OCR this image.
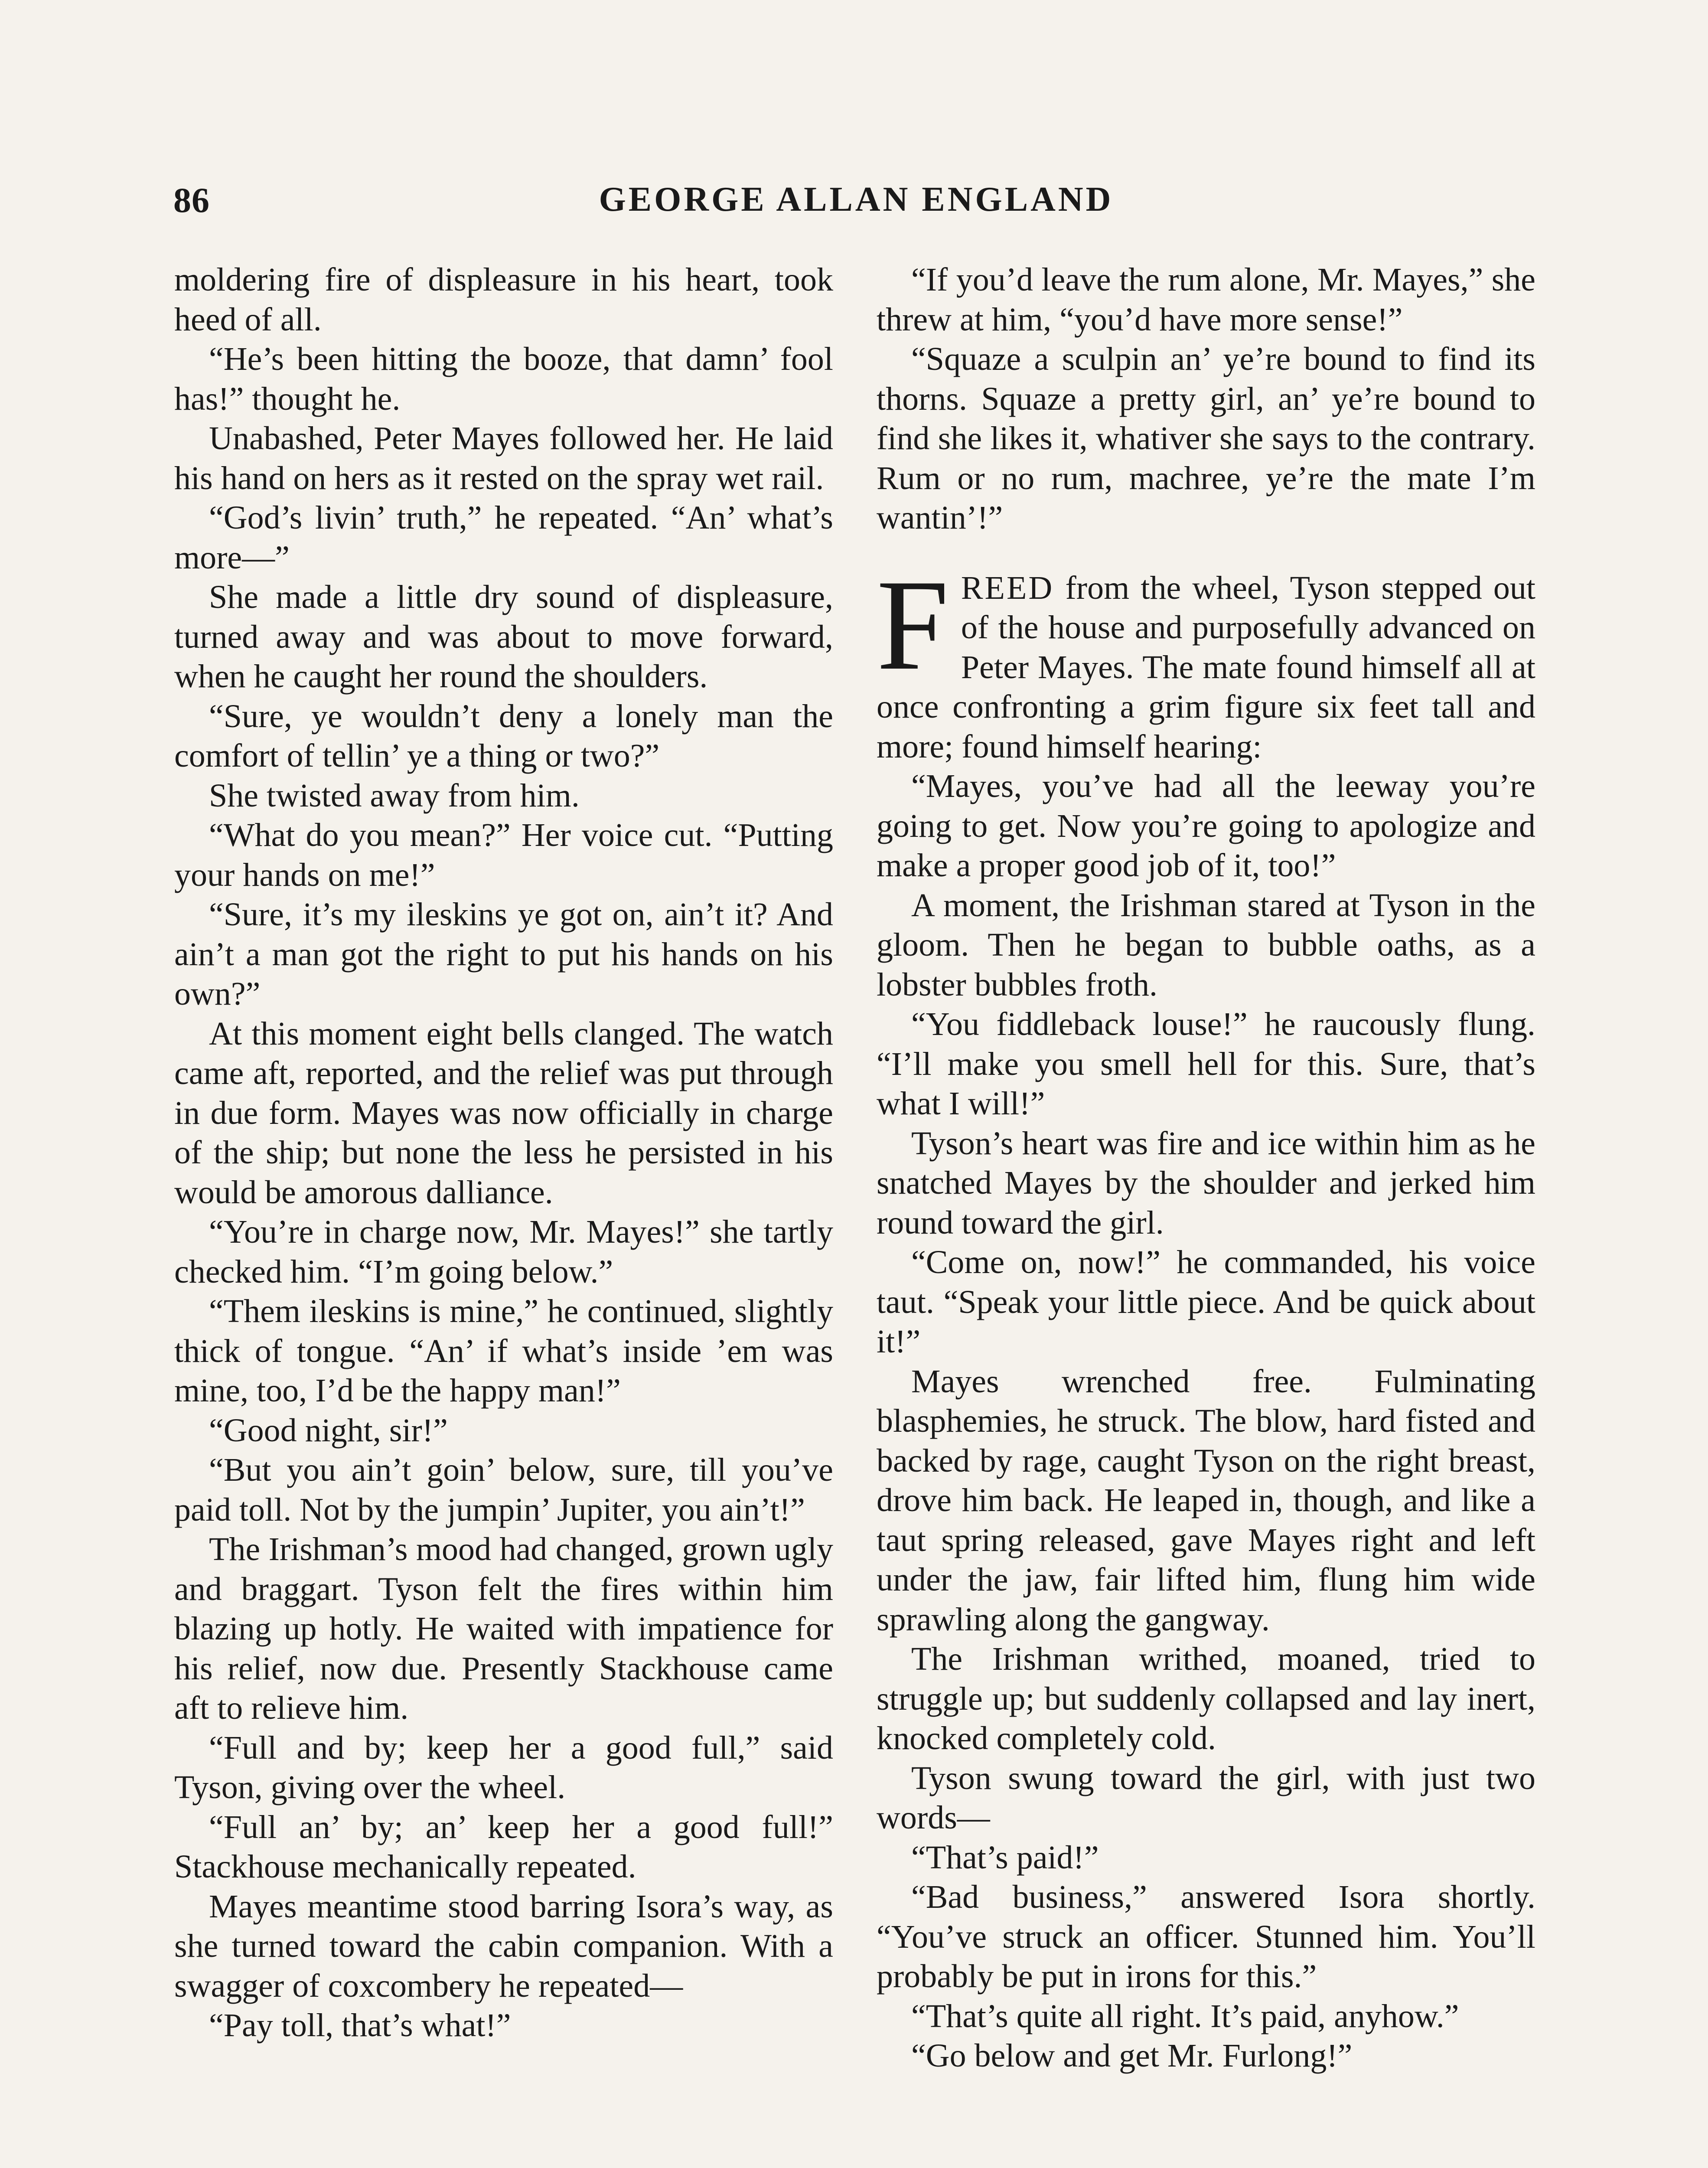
86	GEORGE ALLAN ENGLAND

moldering fire of displeasure in his heart, took heed of all.

“He’s been hitting the booze, that damn’ fool has!” thought he.

Unabashed, Peter Mayes followed her. He laid his hand on hers as it rested on the spray wet rail.

“God’s livin’ truth,” he repeated. “An’ what’s more—”

She made a little dry sound of displeasure, turned away and was about to move forward, when he caught her round the shoulders.

“Sure, ye wouldn’t deny a lonely man the comfort of tellin’ ye a thing or two?”

She twisted away from him.

“What do you mean?” Her voice cut. “Putting your hands on me!”

“Sure, it’s my ileskins ye got on, ain’t it? And ain’t a man got the right to put his hands on his own?”

At this moment eight bells clanged. The watch came aft, reported, and the relief was put through in due form. Mayes was now officially in charge of the ship; but none the less he persisted in his would be amorous dalliance.

“You’re in charge now, Mr. Mayes!” she tartly checked him. “I’m going below.”

“Them ileskins is mine,” he continued, slightly thick of tongue. “An’ if what’s inside ’em was mine, too, I’d be the happy man!”

“Good night, sir!”

“But you ain’t goin’ below, sure, till you’ve paid toll. Not by the jumpin’ Jupiter, you ain’t!”

The Irishman’s mood had changed, grown ugly and braggart. Tyson felt the fires within him blazing up hotly. He waited with impatience for his relief, now due. Presently Stackhouse came aft to relieve him.

“Full and by; keep her a good full,” said Tyson, giving over the wheel.

“Full an’ by; an’ keep her a good full!” Stackhouse mechanically repeated.

Mayes meantime stood barring Isora’s way, as she turned toward the cabin companion. With a swagger of coxcombery he repeated—

“Pay toll, that’s what!”

“If you’d leave the rum alone, Mr. Mayes,” she threw at him, “you’d have more sense!”

“Squaze a sculpin an’ ye’re bound to find its thorns. Squaze a pretty girl, an’ ye’re bound to find she likes it, whativer she says to the contrary. Rum or no rum, machree, ye’re the mate I’m wantin’!”

FREED from the wheel, Tyson stepped out of the house and purposefully advanced on Peter Mayes. The mate found himself all at once confronting a grim figure six feet tall and more; found himself hearing:

“Mayes, you’ve had all the leeway you’re going to get. Now you’re going to apologize and make a proper good job of it, too!”

A moment, the Irishman stared at Tyson in the gloom. Then he began to bubble oaths, as a lobster bubbles froth.

“You fiddleback louse!” he raucously flung. “I’ll make you smell hell for this. Sure, that’s what I will!”

Tyson’s heart was fire and ice within him as he snatched Mayes by the shoulder and jerked him round toward the girl.

“Come on, now!” he commanded, his voice taut. “Speak your little piece. And be quick about it!”

Mayes wrenched free. Fulminating blasphemies, he struck. The blow, hard fisted and backed by rage, caught Tyson on the right breast, drove him back. He leaped in, though, and like a taut spring released, gave Mayes right and left under the jaw, fair lifted him, flung him wide sprawling along the gangway.

The Irishman writhed, moaned, tried to struggle up; but suddenly collapsed and lay inert, knocked completely cold.

Tyson swung toward the girl, with just two words—

“That’s paid!”

“Bad business,” answered Isora shortly. “You’ve struck an officer. Stunned him. You’ll probably be put in irons for this.”

“That’s quite all right. It’s paid, anyhow.”

“Go below and get Mr. Furlong!”
